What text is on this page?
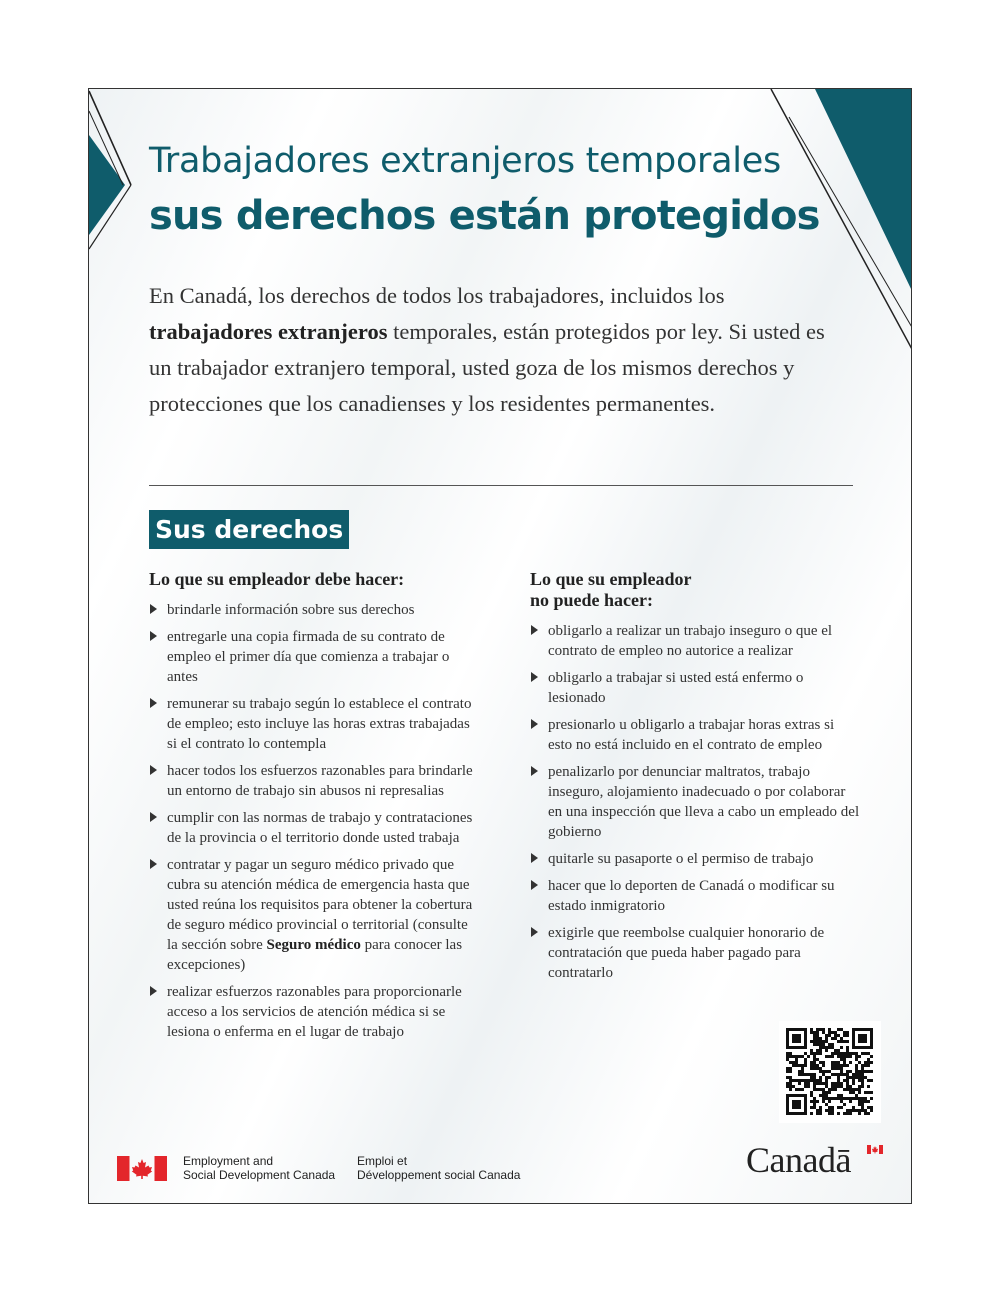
Trabajadores extranjeros temporales
sus derechos están protegidos

En Canadá, los derechos de todos los trabajadores, incluidos los trabajadores extranjeros temporales, están protegidos por ley. Si usted es un trabajador extranjero temporal, usted goza de los mismos derechos y protecciones que los canadienses y los residentes permanentes.

Sus derechos
Lo que su empleador debe hacer:
brindarle información sobre sus derechos
entregarle una copia firmada de su contrato de empleo el primer día que comienza a trabajar o antes
remunerar su trabajo según lo establece el contrato de empleo; esto incluye las horas extras trabajadas si el contrato lo contempla
hacer todos los esfuerzos razonables para brindarle un entorno de trabajo sin abusos ni represalias
cumplir con las normas de trabajo y contrataciones de la provincia o el territorio donde usted trabaja
contratar y pagar un seguro médico privado que cubra su atención médica de emergencia hasta que usted reúna los requisitos para obtener la cobertura de seguro médico provincial o territorial (consulte la sección sobre Seguro médico para conocer las excepciones)
realizar esfuerzos razonables para proporcionarle acceso a los servicios de atención médica si se lesiona o enferma en el lugar de trabajo
Lo que su empleador
no puede hacer:
obligarlo a realizar un trabajo inseguro o que el contrato de empleo no autorice a realizar
obligarlo a trabajar si usted está enfermo o lesionado
presionarlo u obligarlo a trabajar horas extras si esto no está incluido en el contrato de empleo
penalizarlo por denunciar maltratos, trabajo inseguro, alojamiento inadecuado o por colaborar en una inspección que lleva a cabo un empleado del gobierno
quitarle su pasaporte o el permiso de trabajo
hacer que lo deporten de Canadá o modificar su estado inmigratorio
exigirle que reembolse cualquier honorario de contratación que pueda haber pagado para contratarlo
Employment and
Social Development Canada
Emploi et
Développement social Canada	Canadā
